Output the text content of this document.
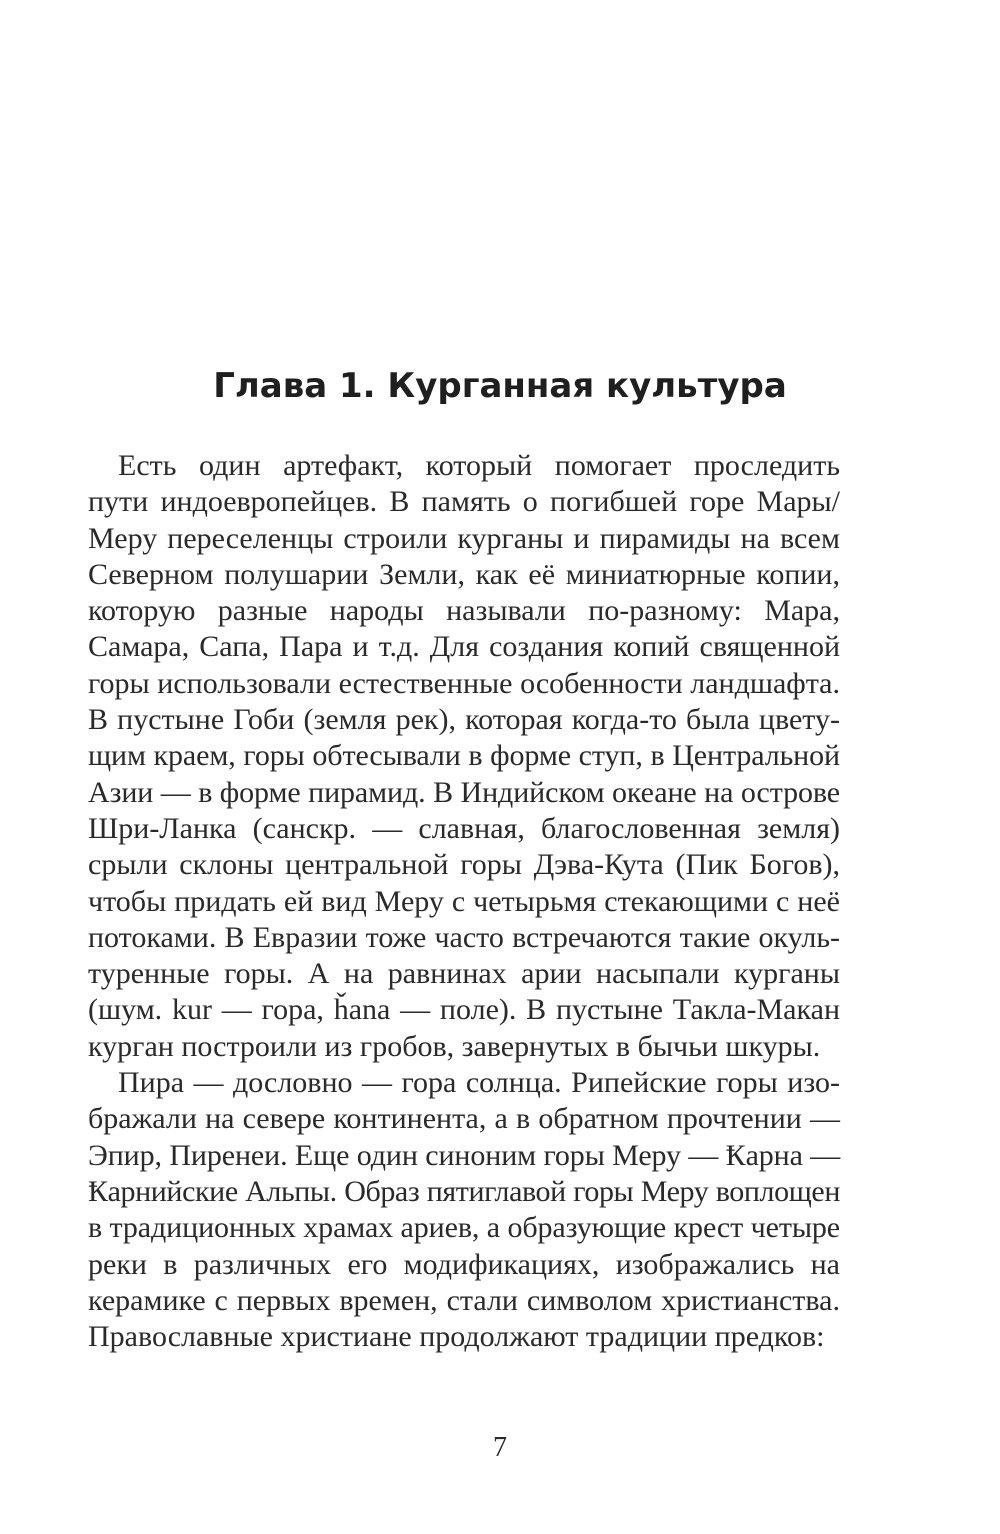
Глава 1. Курганная культура
Есть один артефакт, который помогает проследить
пути индоевропейцев. В память о погибшей горе Мары/
Меру переселенцы строили курганы и пирамиды на всем
Северном полушарии Земли, как её миниатюрные копии,
которую разные народы называли по-разному: Мара,
Самара, Сапа, Пара и т.д. Для создания копий священной
горы использовали естественные особенности ландшафта.
В пустыне Гоби (земля рек), которая когда-то была цвету-
щим краем, горы обтесывали в форме ступ, в Центральной
Азии — в форме пирамид. В Индийском океане на острове
Шри-Ланка (санскр. — славная, благословенная земля)
срыли склоны центральной горы Дэва-Кута (Пик Богов),
чтобы придать ей вид Меру с четырьмя стекающими с неё
потоками. В Евразии тоже часто встречаются такие окуль-
туренные горы. А на равнинах арии насыпали курганы
(шум. kur — гора, ȟana — поле). В пустыне Такла-Макан
курган построили из гробов, завернутых в бычьи шкуры.
Пира — дословно — гора солнца. Рипейские горы изо-
бражали на севере континента, а в обратном прочтении —
Эпир, Пиренеи. Еще один синоним горы Меру — Ҟарна —
Ҟарнийские Альпы. Образ пятиглавой горы Меру воплощен
в традиционных храмах ариев, а образующие крест четыре
реки в различных его модификациях, изображались на
керамике с первых времен, стали символом христианства.
Православные христиане продолжают традиции предков:
7
